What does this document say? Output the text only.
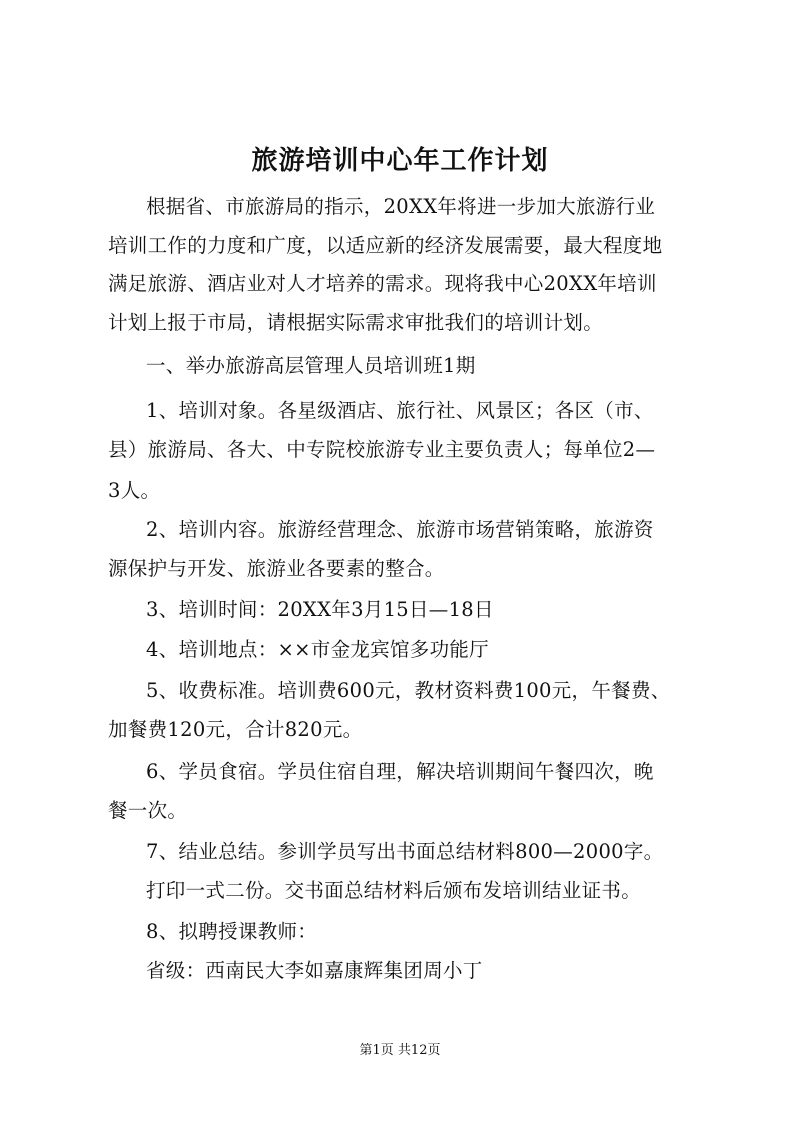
旅游培训中心年工作计划
根据省、市旅游局的指示，20XX年将进一步加大旅游行业
培训工作的力度和广度，以适应新的经济发展需要，最大程度地
满足旅游、酒店业对人才培养的需求。现将我中心20XX年培训
计划上报于市局，请根据实际需求审批我们的培训计划。
一、举办旅游高层管理人员培训班1期
1、培训对象。各星级酒店、旅行社、风景区；各区（市、
县）旅游局、各大、中专院校旅游专业主要负责人；每单位2—
3人。
2、培训内容。旅游经营理念、旅游市场营销策略，旅游资
源保护与开发、旅游业各要素的整合。
3、培训时间：20XX年3月15日—18日
4、培训地点：××市金龙宾馆多功能厅
5、收费标准。培训费600元，教材资料费100元，午餐费、
加餐费120元，合计820元。
6、学员食宿。学员住宿自理，解决培训期间午餐四次，晚
餐一次。
7、结业总结。参训学员写出书面总结材料800—2000字。
打印一式二份。交书面总结材料后颁布发培训结业证书。
8、拟聘授课教师：
省级：西南民大李如嘉康辉集团周小丁
第1页 共12页
